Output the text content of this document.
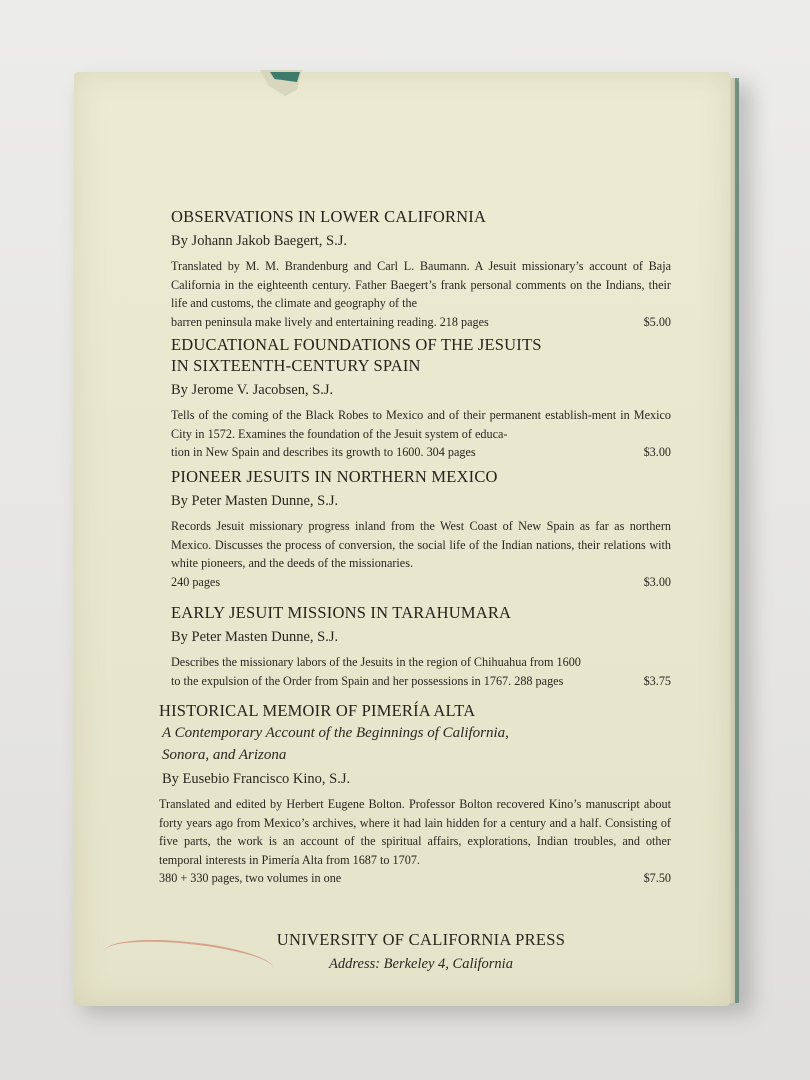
OBSERVATIONS IN LOWER CALIFORNIA
By Johann Jakob Baegert, S.J.
Translated by M. M. Brandenburg and Carl L. Baumann. A Jesuit missionary’s account of Baja California in the eighteenth century. Father Baegert’s frank personal comments on the Indians, their life and customs, the climate and geography of the
barren peninsula make lively and entertaining reading. 218 pages	$5.00
EDUCATIONAL FOUNDATIONS OF THE JESUITS
IN SIXTEENTH-CENTURY SPAIN
By Jerome V. Jacobsen, S.J.
Tells of the coming of the Black Robes to Mexico and of their permanent establish-ment in Mexico City in 1572. Examines the foundation of the Jesuit system of educa-
tion in New Spain and describes its growth to 1600. 304 pages	$3.00
PIONEER JESUITS IN NORTHERN MEXICO
By Peter Masten Dunne, S.J.
Records Jesuit missionary progress inland from the West Coast of New Spain as far as northern Mexico. Discusses the process of conversion, the social life of the Indian nations, their relations with white pioneers, and the deeds of the missionaries.
240 pages	$3.00
EARLY JESUIT MISSIONS IN TARAHUMARA
By Peter Masten Dunne, S.J.
Describes the missionary labors of the Jesuits in the region of Chihuahua from 1600
to the expulsion of the Order from Spain and her possessions in 1767. 288 pages	$3.75
HISTORICAL MEMOIR OF PIMERÍA ALTA
A Contemporary Account of the Beginnings of California,
Sonora, and Arizona
By Eusebio Francisco Kino, S.J.
Translated and edited by Herbert Eugene Bolton. Professor Bolton recovered Kino’s manuscript about forty years ago from Mexico’s archives, where it had lain hidden for a century and a half. Consisting of five parts, the work is an account of the spiritual affairs, explorations, Indian troubles, and other temporal interests in Pimería Alta from 1687 to 1707.
380 + 330 pages, two volumes in one	$7.50
UNIVERSITY OF CALIFORNIA PRESS
Address: Berkeley 4, California
